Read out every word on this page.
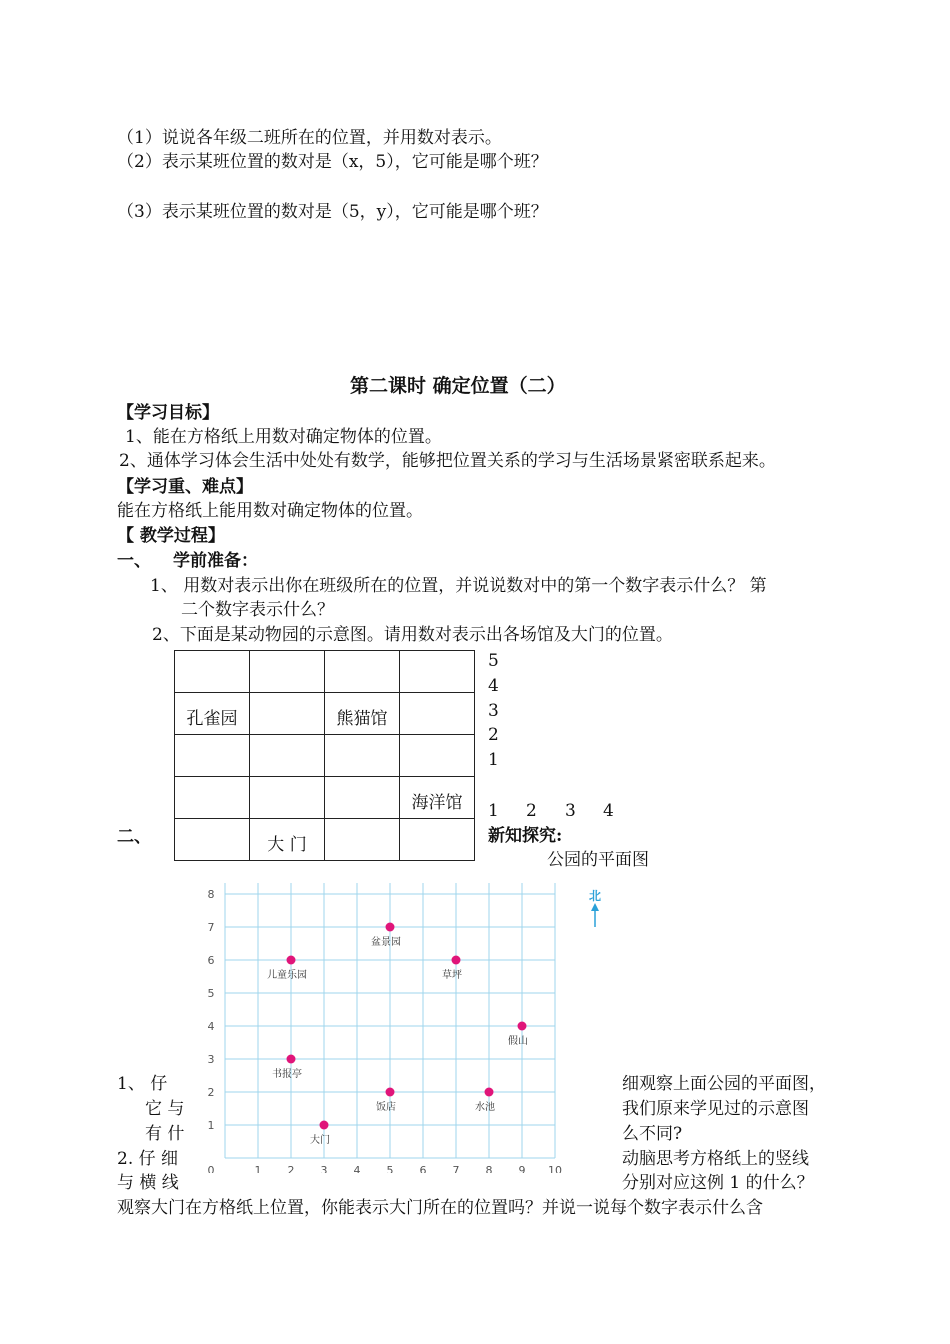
（1）说说各年级二班所在的位置，并用数对表示。
（2）表示某班位置的数对是（x，5），它可能是哪个班？
（3）表示某班位置的数对是（5，y），它可能是哪个班？
第二课时 确定位置（二）
【学习目标】
1、能在方格纸上用数对确定物体的位置。
2、通体学习体会生活中处处有数学，能够把位置关系的学习与生活场景紧密联系起来。
【学习重、难点】
能在方格纸上能用数对确定物体的位置。
【 教学过程】
一、 学前准备：
1、 用数对表示出你在班级所在的位置，并说说数对中的第一个数字表示什么？ 第
二个数字表示什么？
2、下面是某动物园的示意图。请用数对表示出各场馆及大门的位置。

孔雀园		熊猫馆	

			海洋馆
	大 门		
5
4
3
2
1
1 2 3 4
二、	新知探究:
公园的平面图
0	1 2 3 4 5 6 7 8 9 10
1
2
3
4
5
6
7
8
盆景园
儿童乐园	草坪
假山
书报亭
饭店	水池
大门
北
1、 仔
它 与
有 什
2. 仔 细
与 横 线
细观察上面公园的平面图，
我们原来学见过的示意图
么不同?
动脑思考方格纸上的竖线
分别对应这例 1 的什么？
观察大门在方格纸上位置，你能表示大门所在的位置吗？并说一说每个数字表示什么含
